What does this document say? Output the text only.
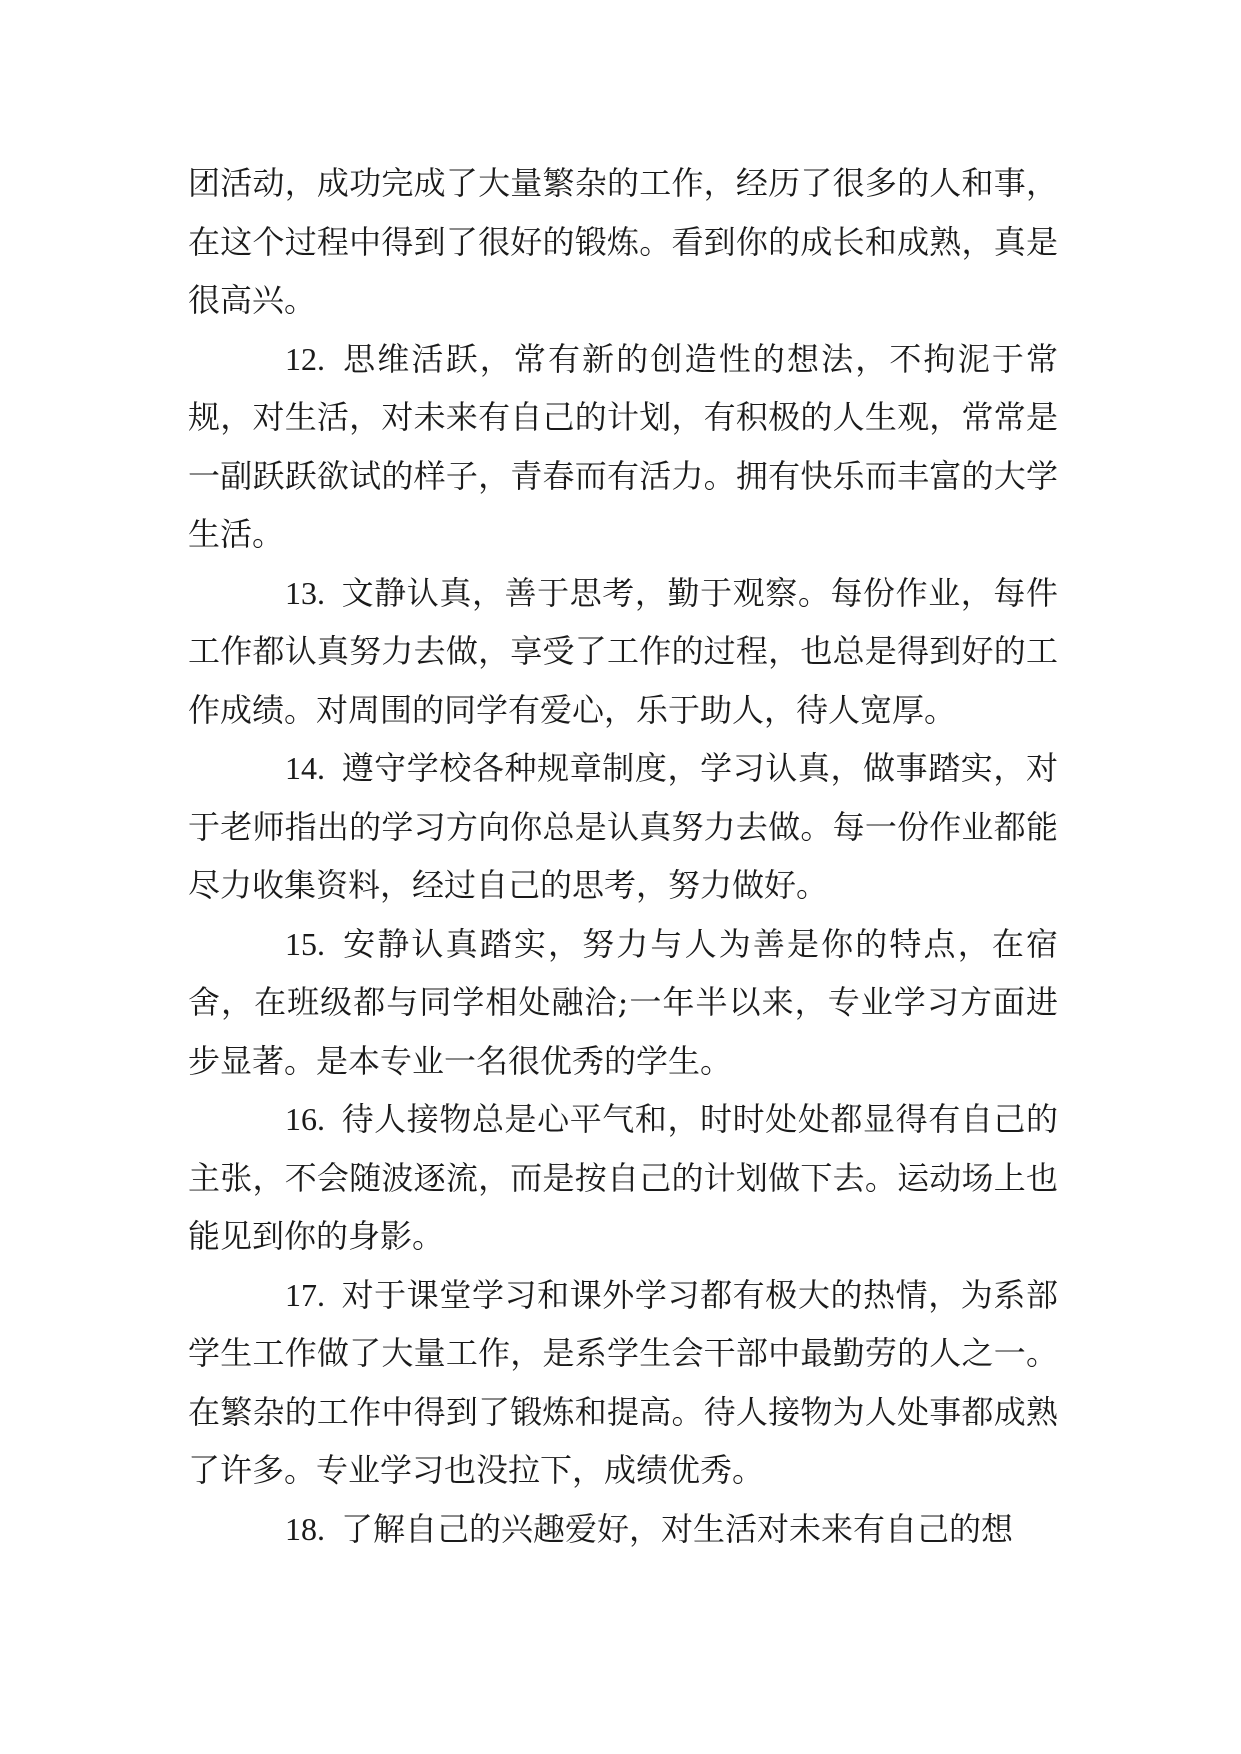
团活动，成功完成了大量繁杂的工作，经历了很多的人和事，在这个过程中得到了很好的锻炼。看到你的成长和成熟，真是很高兴。

12.  思维活跃，常有新的创造性的想法，不拘泥于常规，对生活，对未来有自己的计划，有积极的人生观，常常是一副跃跃欲试的样子，青春而有活力。拥有快乐而丰富的大学生活。

13.  文静认真，善于思考，勤于观察。每份作业，每件工作都认真努力去做，享受了工作的过程，也总是得到好的工作成绩。对周围的同学有爱心，乐于助人，待人宽厚。

14.  遵守学校各种规章制度，学习认真，做事踏实，对于老师指出的学习方向你总是认真努力去做。每一份作业都能尽力收集资料，经过自己的思考，努力做好。

15.  安静认真踏实，努力与人为善是你的特点，在宿舍，在班级都与同学相处融洽;一年半以来，专业学习方面进步显著。是本专业一名很优秀的学生。

16.  待人接物总是心平气和，时时处处都显得有自己的主张，不会随波逐流，而是按自己的计划做下去。运动场上也能见到你的身影。

17.  对于课堂学习和课外学习都有极大的热情，为系部学生工作做了大量工作，是系学生会干部中最勤劳的人之一。在繁杂的工作中得到了锻炼和提高。待人接物为人处事都成熟了许多。专业学习也没拉下，成绩优秀。

18.  了解自己的兴趣爱好，对生活对未来有自己的想
